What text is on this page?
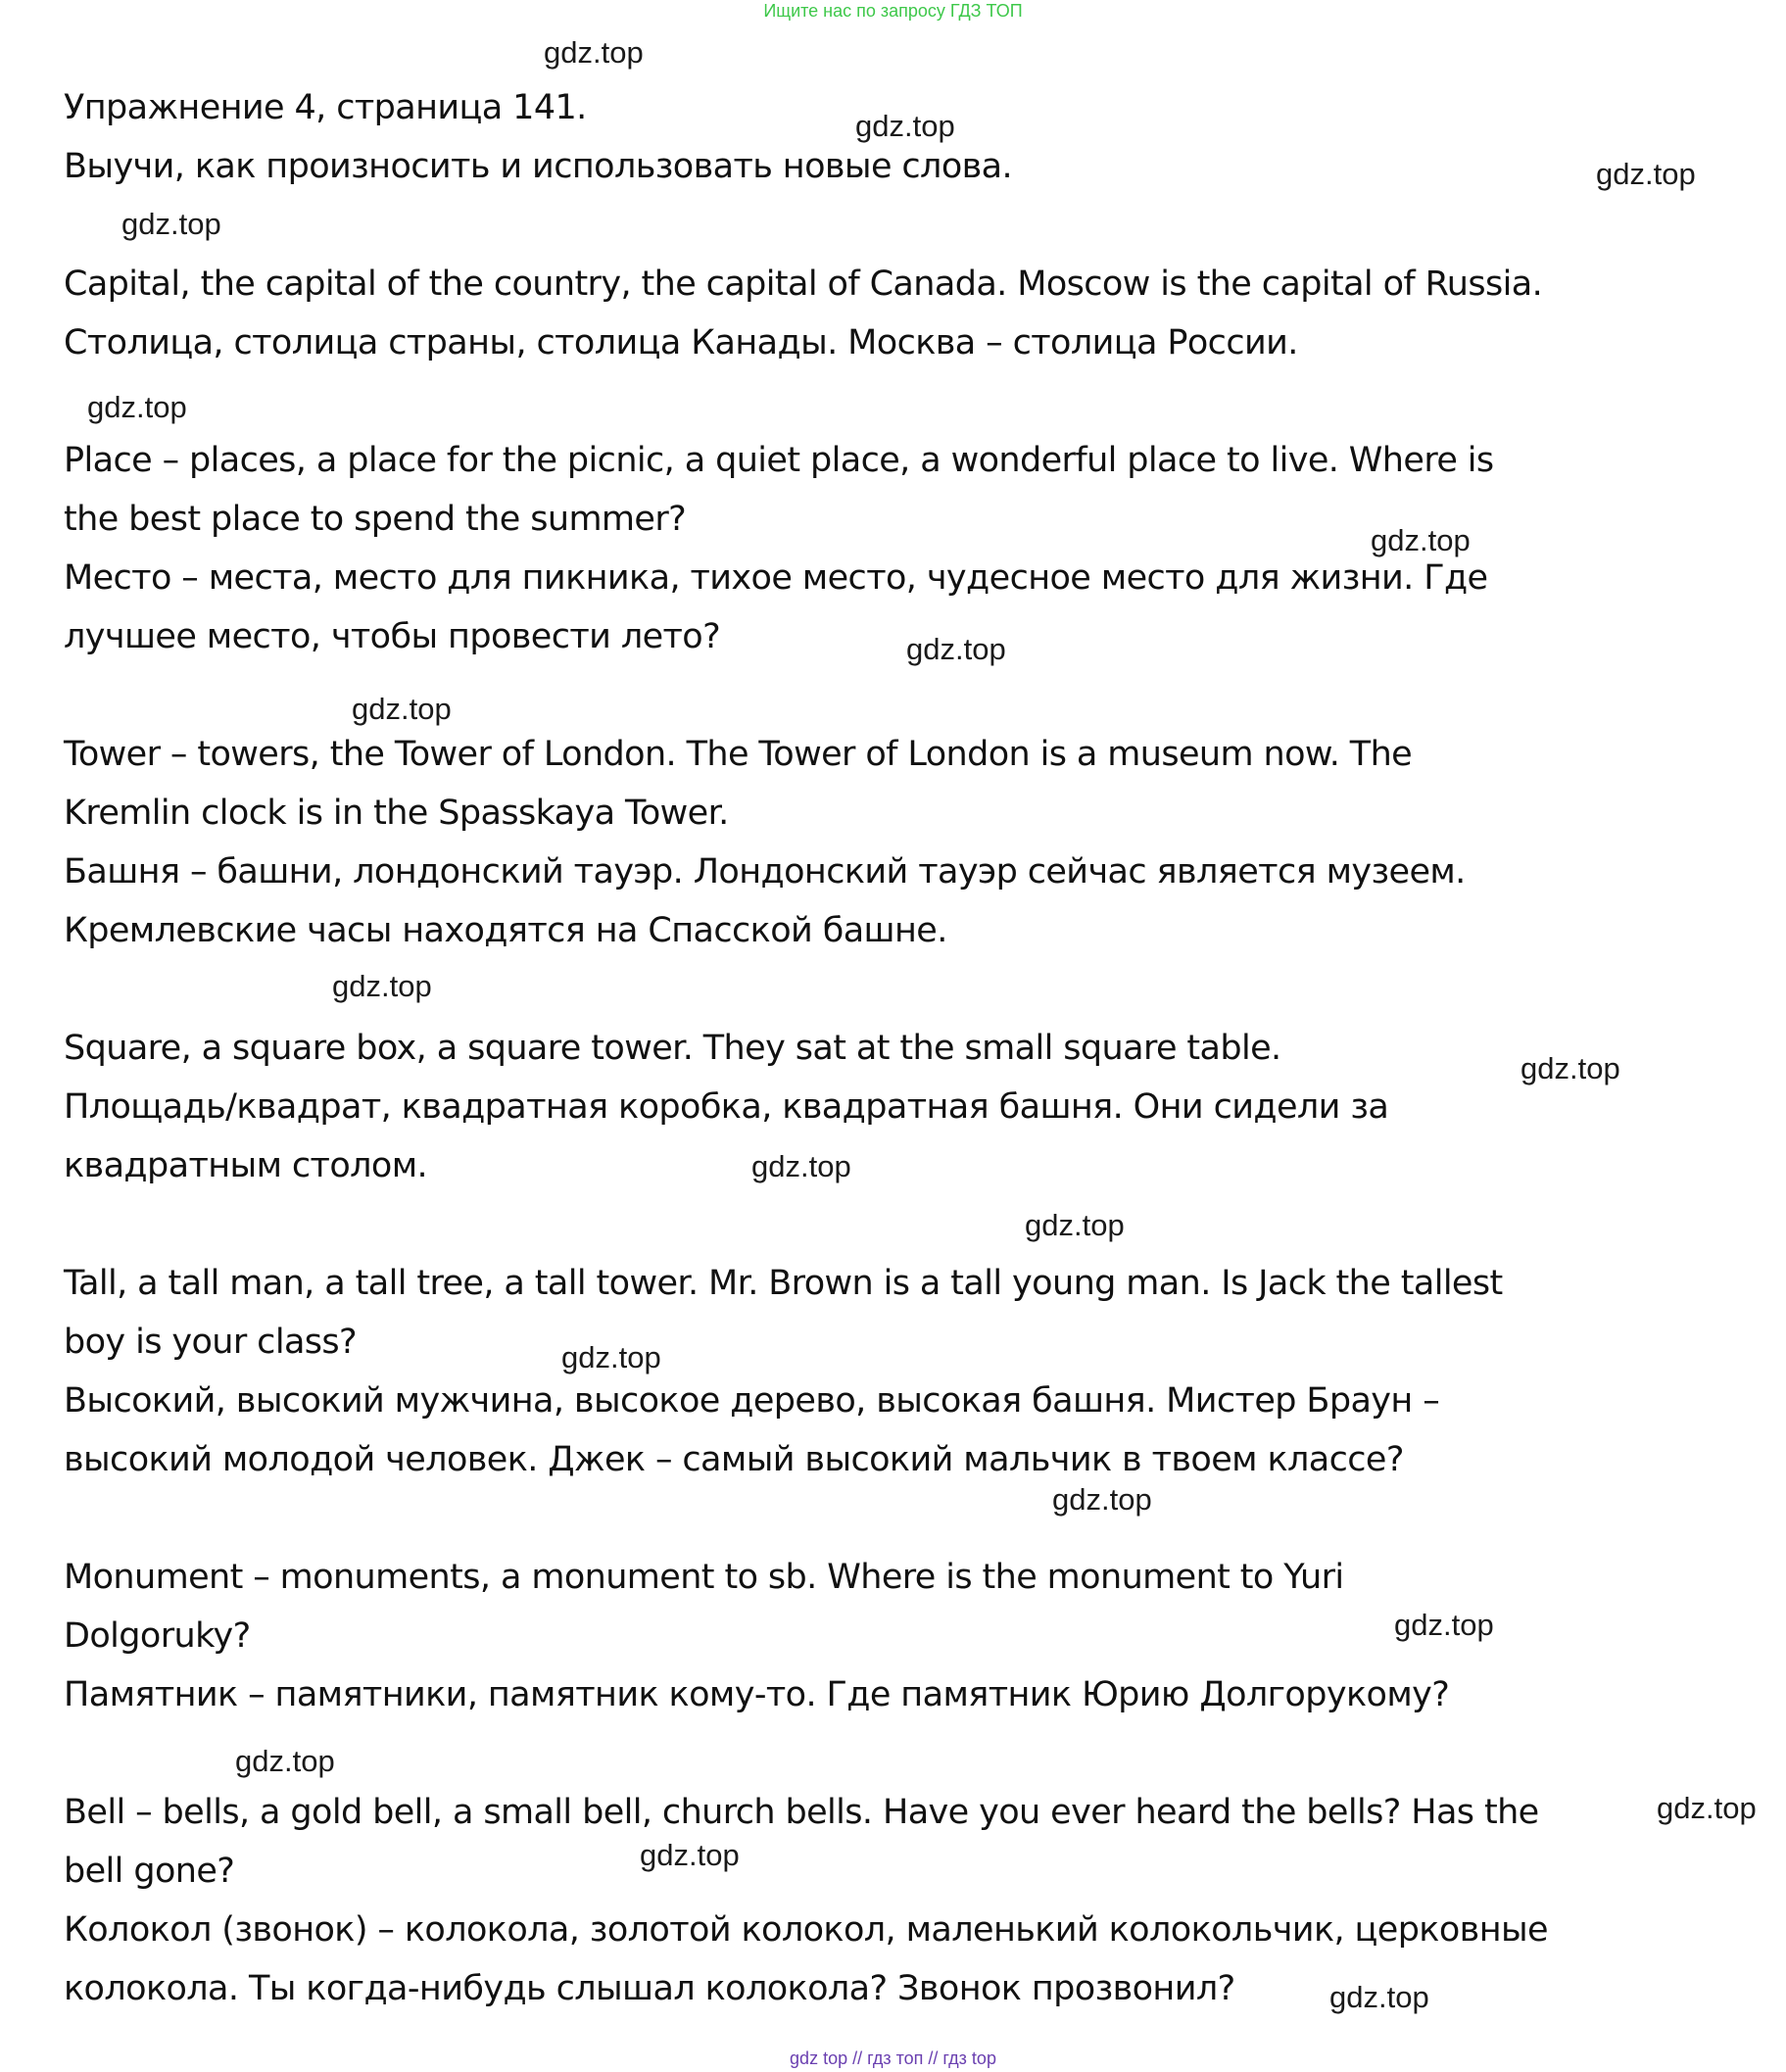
Ищите нас по запросу ГДЗ ТОП

Упражнение 4, страница 141.

Выучи, как произносить и использовать новые слова.

Capital, the capital of the country, the capital of Canada. Moscow is the capital of Russia.

Столица, столица страны, столица Канады. Москва – столица России.

Place – places, a place for the picnic, a quiet place, a wonderful place to live. Where is

the best place to spend the summer?

Место – места, место для пикника, тихое место, чудесное место для жизни. Где

лучшее место, чтобы провести лето?

Tower – towers, the Tower of London. The Tower of London is a museum now. The

Kremlin clock is in the Spasskaya Tower.

Башня – башни, лондонский тауэр. Лондонский тауэр сейчас является музеем.

Кремлевские часы находятся на Спасской башне.

Square, a square box, a square tower. They sat at the small square table.

Площадь/квадрат, квадратная коробка, квадратная башня. Они сидели за

квадратным столом.

Tall, a tall man, a tall tree, a tall tower. Mr. Brown is a tall young man. Is Jack the tallest

boy is your class?

Высокий, высокий мужчина, высокое дерево, высокая башня. Мистер Браун –

высокий молодой человек. Джек – самый высокий мальчик в твоем классе?

Monument – monuments, a monument to sb. Where is the monument to Yuri

Dolgoruky?

Памятник – памятники, памятник кому-то. Где памятник Юрию Долгорукому?

Bell – bells, a gold bell, a small bell, church bells. Have you ever heard the bells? Has the

bell gone?

Колокол (звонок) – колокола, золотой колокол, маленький колокольчик, церковные

колокола. Ты когда-нибудь слышал колокола? Звонок прозвонил?

gdz.top
gdz.top
gdz.top
gdz.top
gdz.top
gdz.top
gdz.top
gdz.top
gdz.top
gdz.top
gdz.top
gdz.top
gdz.top
gdz.top
gdz.top
gdz.top
gdz.top
gdz.top
gdz.top
gdz top // гдз топ // гдз top
